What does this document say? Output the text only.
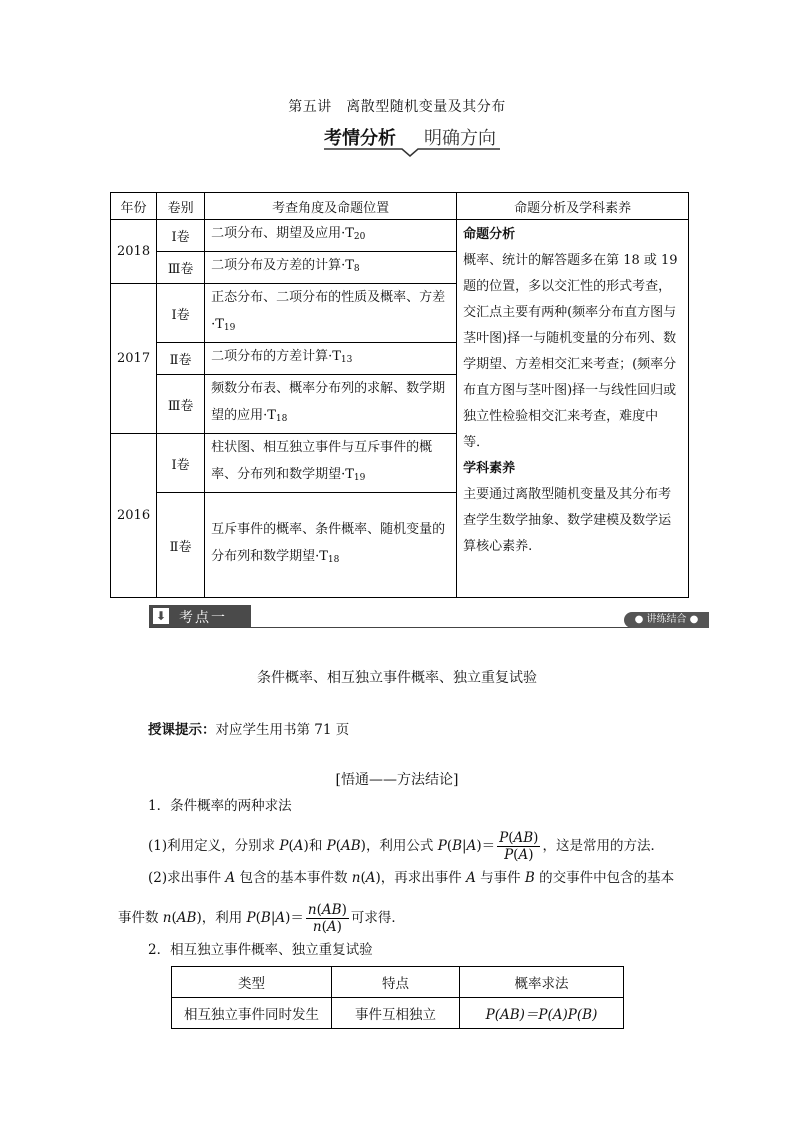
第五讲　离散型随机变量及其分布
考情分析 明确方向
年份	卷别	考查角度及命题位置	命题分析及学科素养
2018	Ⅰ卷	二项分布、期望及应用$\cdot T_{20}$	命题分析
概率、统计的解答题多在第 18 或 19 题的位置，多以交汇性的形式考查，交汇点主要有两种(频率分布直方图与茎叶图)择一与随机变量的分布列、数学期望、方差相交汇来考查；(频率分布直方图与茎叶图)择一与线性回归或独立性检验相交汇来考查，难度中等．
学科素养
主要通过离散型随机变量及其分布考查学生数学抽象、数学建模及数学运算核心素养.

	Ⅲ卷	二项分布及方差的计算$\cdot T_8$
2017	Ⅰ卷	正态分布、二项分布的性质及概率、方差$\cdot T_{19}$
	Ⅱ卷	二项分布的方差计算$\cdot T_{13}$
	Ⅲ卷	频数分布表、概率分布列的求解、数学期望的应用$\cdot T_{18}$
2016	Ⅰ卷	柱状图、相互独立事件与互斥事件的概率、分布列和数学期望$\cdot T_{19}$
	Ⅱ卷	互斥事件的概率、条件概率、随机变量的分布列和数学期望$\cdot T_{18}$
⬇ 考点一	● 讲练结合 ●
条件概率、相互独立事件概率、独立重复试验
授课提示：对应学生用书第 71 页
[悟通——方法结论]
1．条件概率的两种求法
(1)利用定义，分别求 P(A)和 P(AB)，利用公式 $P(B|A)= \frac{P(AB)}{P(A)}$ ，这是常用的方法．
(2)求出事件 A 包含的基本事件数 n(A)，再求出事件 A 与事件 B 的交事件中包含的基本
事件数 n(AB)，利用 $P(B|A)= \frac{n(AB)}{n(A)}$ 可求得．
2．相互独立事件概率、独立重复试验
类型	特点	概率求法
相互独立事件同时发生	事件互相独立	P(AB)＝P(A)P(B)
